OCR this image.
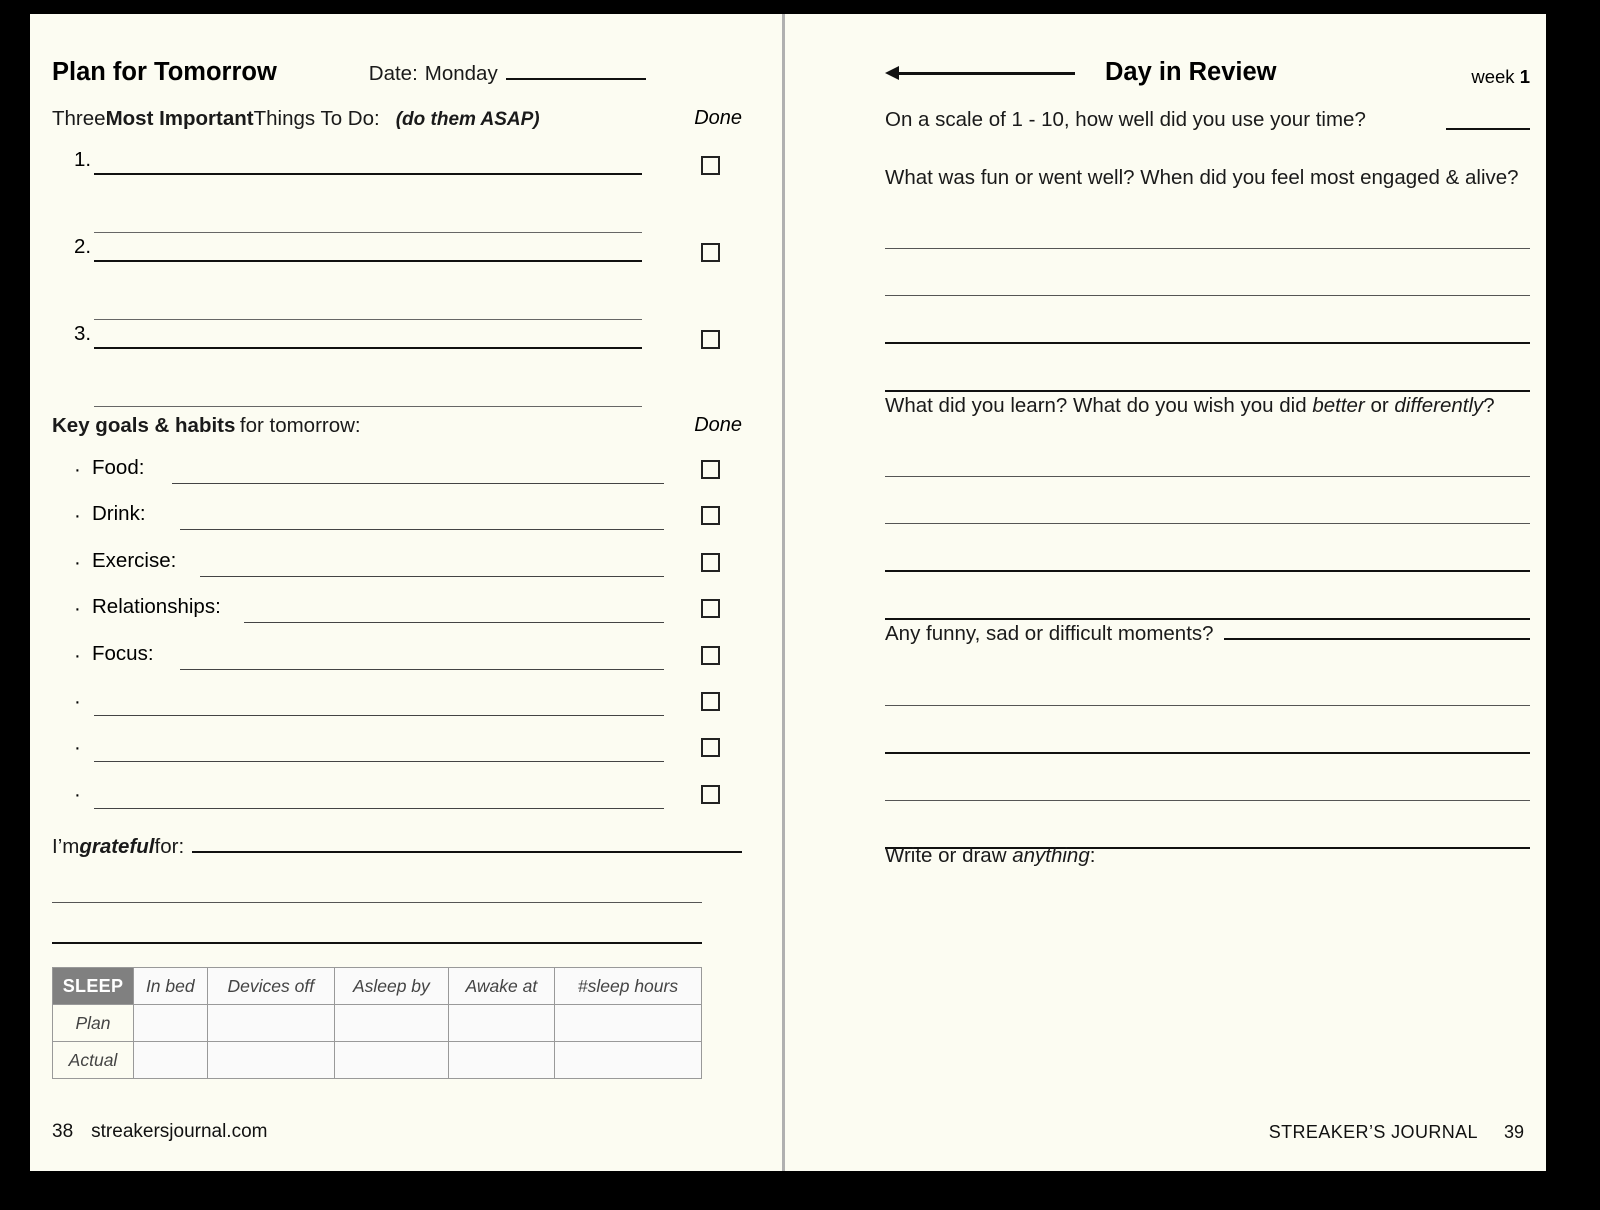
Plan for Tomorrow	Date: Monday
Three Most Important Things To Do: (do them ASAP)	Done
1.
2.
3.
Key goals & habits for tomorrow:	Done
· Food:
· Drink:
· Exercise:
· Relationships:
· Focus:
·
·
·
I’m grateful for:
SLEEP	In bed	Devices off	Asleep by	Awake at	#sleep hours
Plan					
Actual					
38 streakersjournal.com
Day in Review	week 1
On a scale of 1 - 10, how well did you use your time?
What was fun or went well? When did you feel most engaged & alive?
What did you learn? What do you wish you did better or differently?
Any funny, sad or difficult moments?
Write or draw anything:
STREAKER’S JOURNAL 39
